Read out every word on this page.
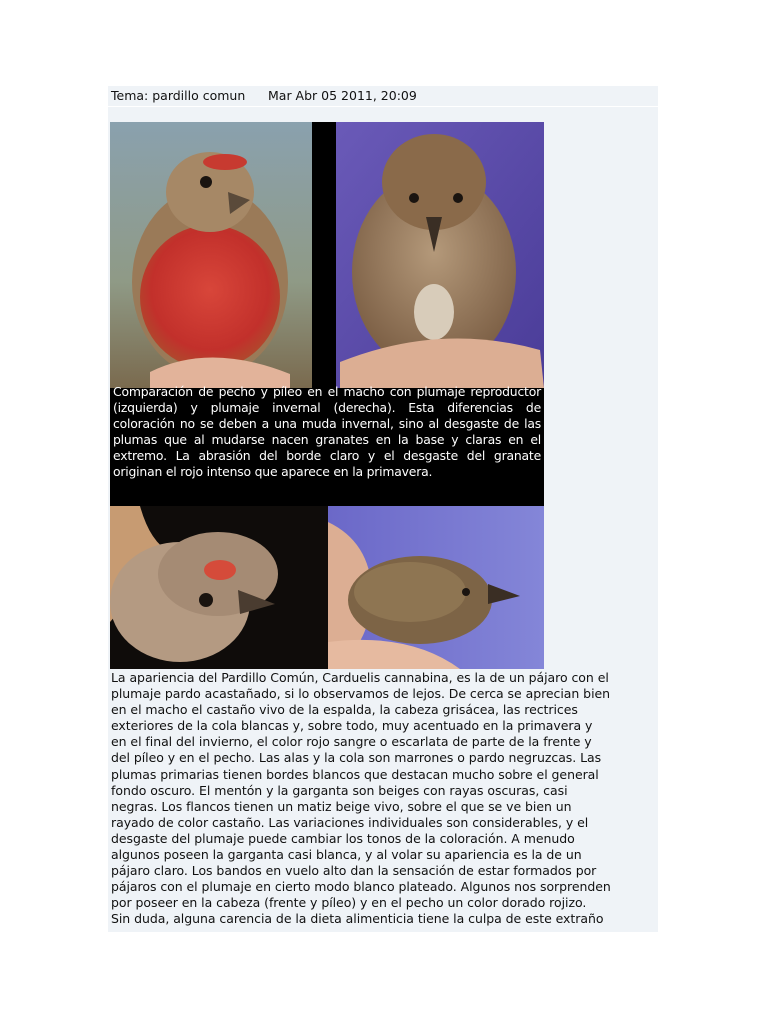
Tema: pardillo comun Mar Abr 05 2011, 20:09
Comparación de pecho y píleo en el macho con plumaje reproductor (izquierda) y plumaje invernal (derecha). Esta diferencias de coloración no se deben a una muda invernal, sino al desgaste de las plumas que al mudarse nacen granates en la base y claras en el extremo. La abrasión del borde claro y el desgaste del granate originan el rojo intenso que aparece en la primavera.
La apariencia del Pardillo Común, Carduelis cannabina, es la de un pájaro con el
plumaje pardo acastañado, si lo observamos de lejos. De cerca se aprecian bien
en el macho el castaño vivo de la espalda, la cabeza grisácea, las rectrices
exteriores de la cola blancas y, sobre todo, muy acentuado en la primavera y
en el final del invierno, el color rojo sangre o escarlata de parte de la frente y
del píleo y en el pecho. Las alas y la cola son marrones o pardo negruzcas. Las
plumas primarias tienen bordes blancos que destacan mucho sobre el general
fondo oscuro. El mentón y la garganta son beiges con rayas oscuras, casi
negras. Los flancos tienen un matiz beige vivo, sobre el que se ve bien un
rayado de color castaño. Las variaciones individuales son considerables, y el
desgaste del plumaje puede cambiar los tonos de la coloración. A menudo
algunos poseen la garganta casi blanca, y al volar su apariencia es la de un
pájaro claro. Los bandos en vuelo alto dan la sensación de estar formados por
pájaros con el plumaje en cierto modo blanco plateado. Algunos nos sorprenden
por poseer en la cabeza (frente y píleo) y en el pecho un color dorado rojizo.
Sin duda, alguna carencia de la dieta alimenticia tiene la culpa de este extraño
